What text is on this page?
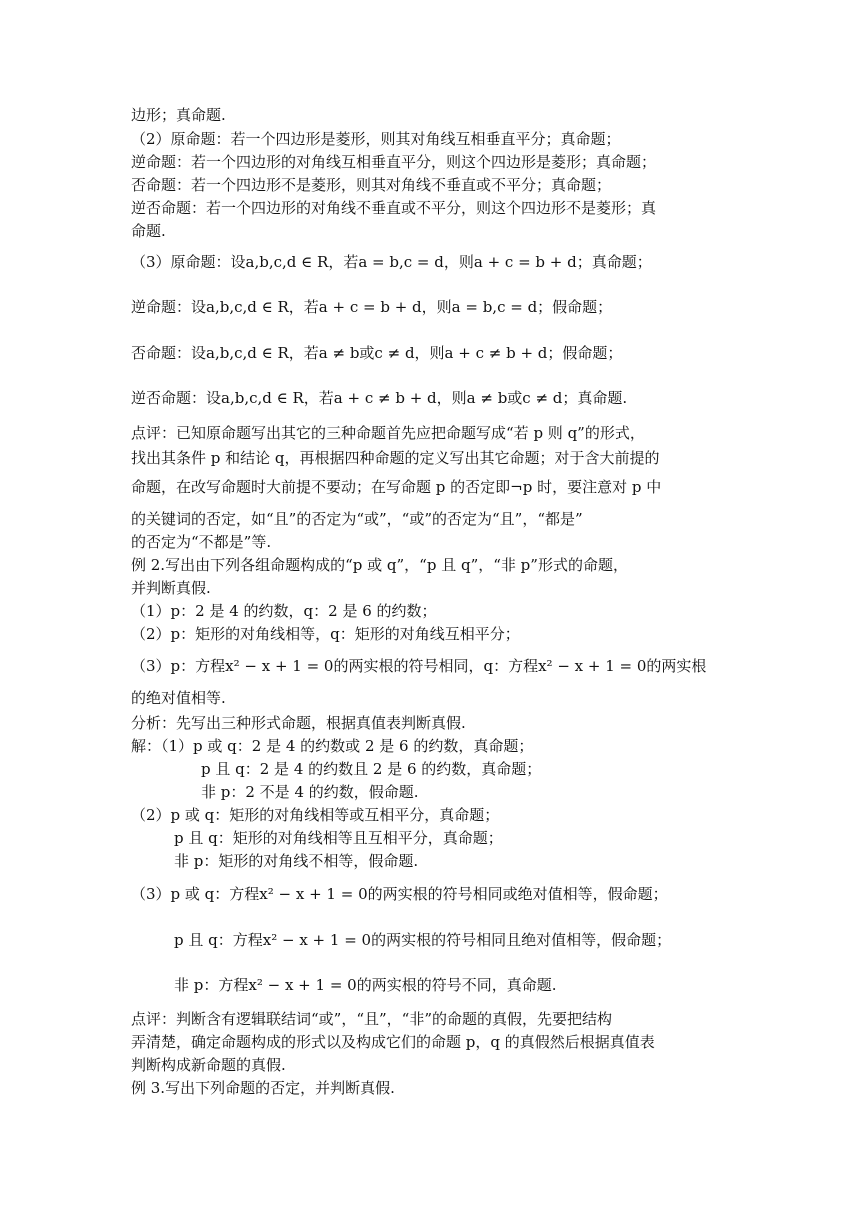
边形；真命题.
（2）原命题：若一个四边形是菱形，则其对角线互相垂直平分；真命题；
逆命题：若一个四边形的对角线互相垂直平分，则这个四边形是菱形；真命题；
否命题：若一个四边形不是菱形，则其对角线不垂直或不平分；真命题；
逆否命题：若一个四边形的对角线不垂直或不平分，则这个四边形不是菱形；真
命题.
（3）原命题：设a,b,c,d ∈ R，若a = b,c = d，则a + c = b + d；真命题；
逆命题：设a,b,c,d ∈ R，若a + c = b + d，则a = b,c = d；假命题；
否命题：设a,b,c,d ∈ R，若a ≠ b或c ≠ d，则a + c ≠ b + d；假命题；
逆否命题：设a,b,c,d ∈ R，若a + c ≠ b + d，则a ≠ b或c ≠ d；真命题.
点评：已知原命题写出其它的三种命题首先应把命题写成“若 p 则 q”的形式，
找出其条件 p 和结论 q，再根据四种命题的定义写出其它命题；对于含大前提的
命题，在改写命题时大前提不要动；在写命题 p 的否定即¬p 时，要注意对 p 中
的关键词的否定，如“且”的否定为“或”，“或”的否定为“且”，“都是”
的否定为“不都是”等.
例 2.写出由下列各组命题构成的“p 或 q”，“p 且 q”，“非 p”形式的命题，
并判断真假.
（1）p：2 是 4 的约数，q：2 是 6 的约数；
（2）p：矩形的对角线相等，q：矩形的对角线互相平分；
（3）p：方程x² − x + 1 = 0的两实根的符号相同，q：方程x² − x + 1 = 0的两实根
的绝对值相等.
分析：先写出三种形式命题，根据真值表判断真假.
解：（1）p 或 q：2 是 4 的约数或 2 是 6 的约数，真命题；
p 且 q：2 是 4 的约数且 2 是 6 的约数，真命题；
非 p：2 不是 4 的约数，假命题.
（2）p 或 q：矩形的对角线相等或互相平分，真命题；
p 且 q：矩形的对角线相等且互相平分，真命题；
非 p：矩形的对角线不相等，假命题.
（3）p 或 q：方程x² − x + 1 = 0的两实根的符号相同或绝对值相等，假命题；
p 且 q：方程x² − x + 1 = 0的两实根的符号相同且绝对值相等，假命题；
非 p：方程x² − x + 1 = 0的两实根的符号不同，真命题.
点评：判断含有逻辑联结词“或”，“且”，“非”的命题的真假，先要把结构
弄清楚，确定命题构成的形式以及构成它们的命题 p，q 的真假然后根据真值表
判断构成新命题的真假.
例 3.写出下列命题的否定，并判断真假.
